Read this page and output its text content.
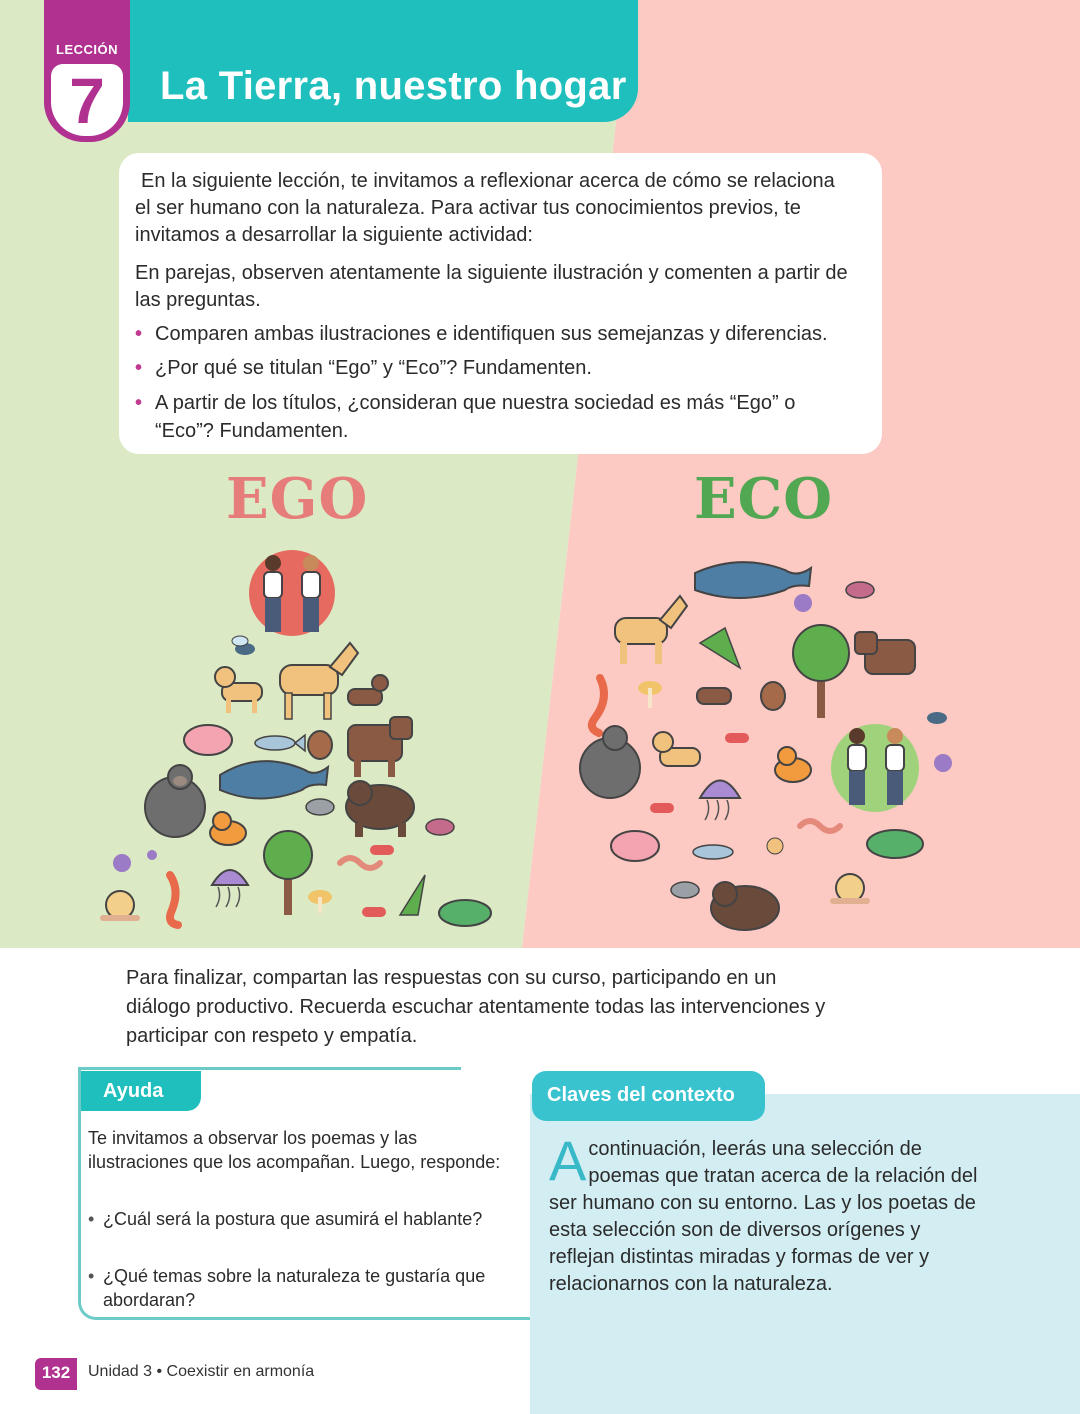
LECCIÓN
7	La Tierra, nuestro hogar
En la siguiente lección, te invitamos a reflexionar acerca de cómo se relaciona el ser humano con la naturaleza. Para activar tus conocimientos previos, te invitamos a desarrollar la siguiente actividad:
En parejas, observen atentamente la siguiente ilustración y comenten a partir de las preguntas.
• Comparen ambas ilustraciones e identifiquen sus semejanzas y diferencias.
• ¿Por qué se titulan “Ego” y “Eco”? Fundamenten.
• A partir de los títulos, ¿consideran que nuestra sociedad es más “Ego” o “Eco”? Fundamenten.
EGO	ECO
Para finalizar, compartan las respuestas con su curso, participando en un diálogo productivo. Recuerda escuchar atentamente todas las intervenciones y participar con respeto y empatía.
Ayuda
Te invitamos a observar los poemas y las ilustraciones que los acompañan. Luego, responde:
• ¿Cuál será la postura que asumirá el hablante?
• ¿Qué temas sobre la naturaleza te gustaría que abordaran?
Claves del contexto
Acontinuación, leerás una selección de poemas que tratan acerca de la relación del ser humano con su entorno. Las y los poetas de esta selección son de diversos orígenes y reflejan distintas miradas y formas de ver y relacionarnos con la naturaleza.
132	Unidad 3 • Coexistir en armonía
